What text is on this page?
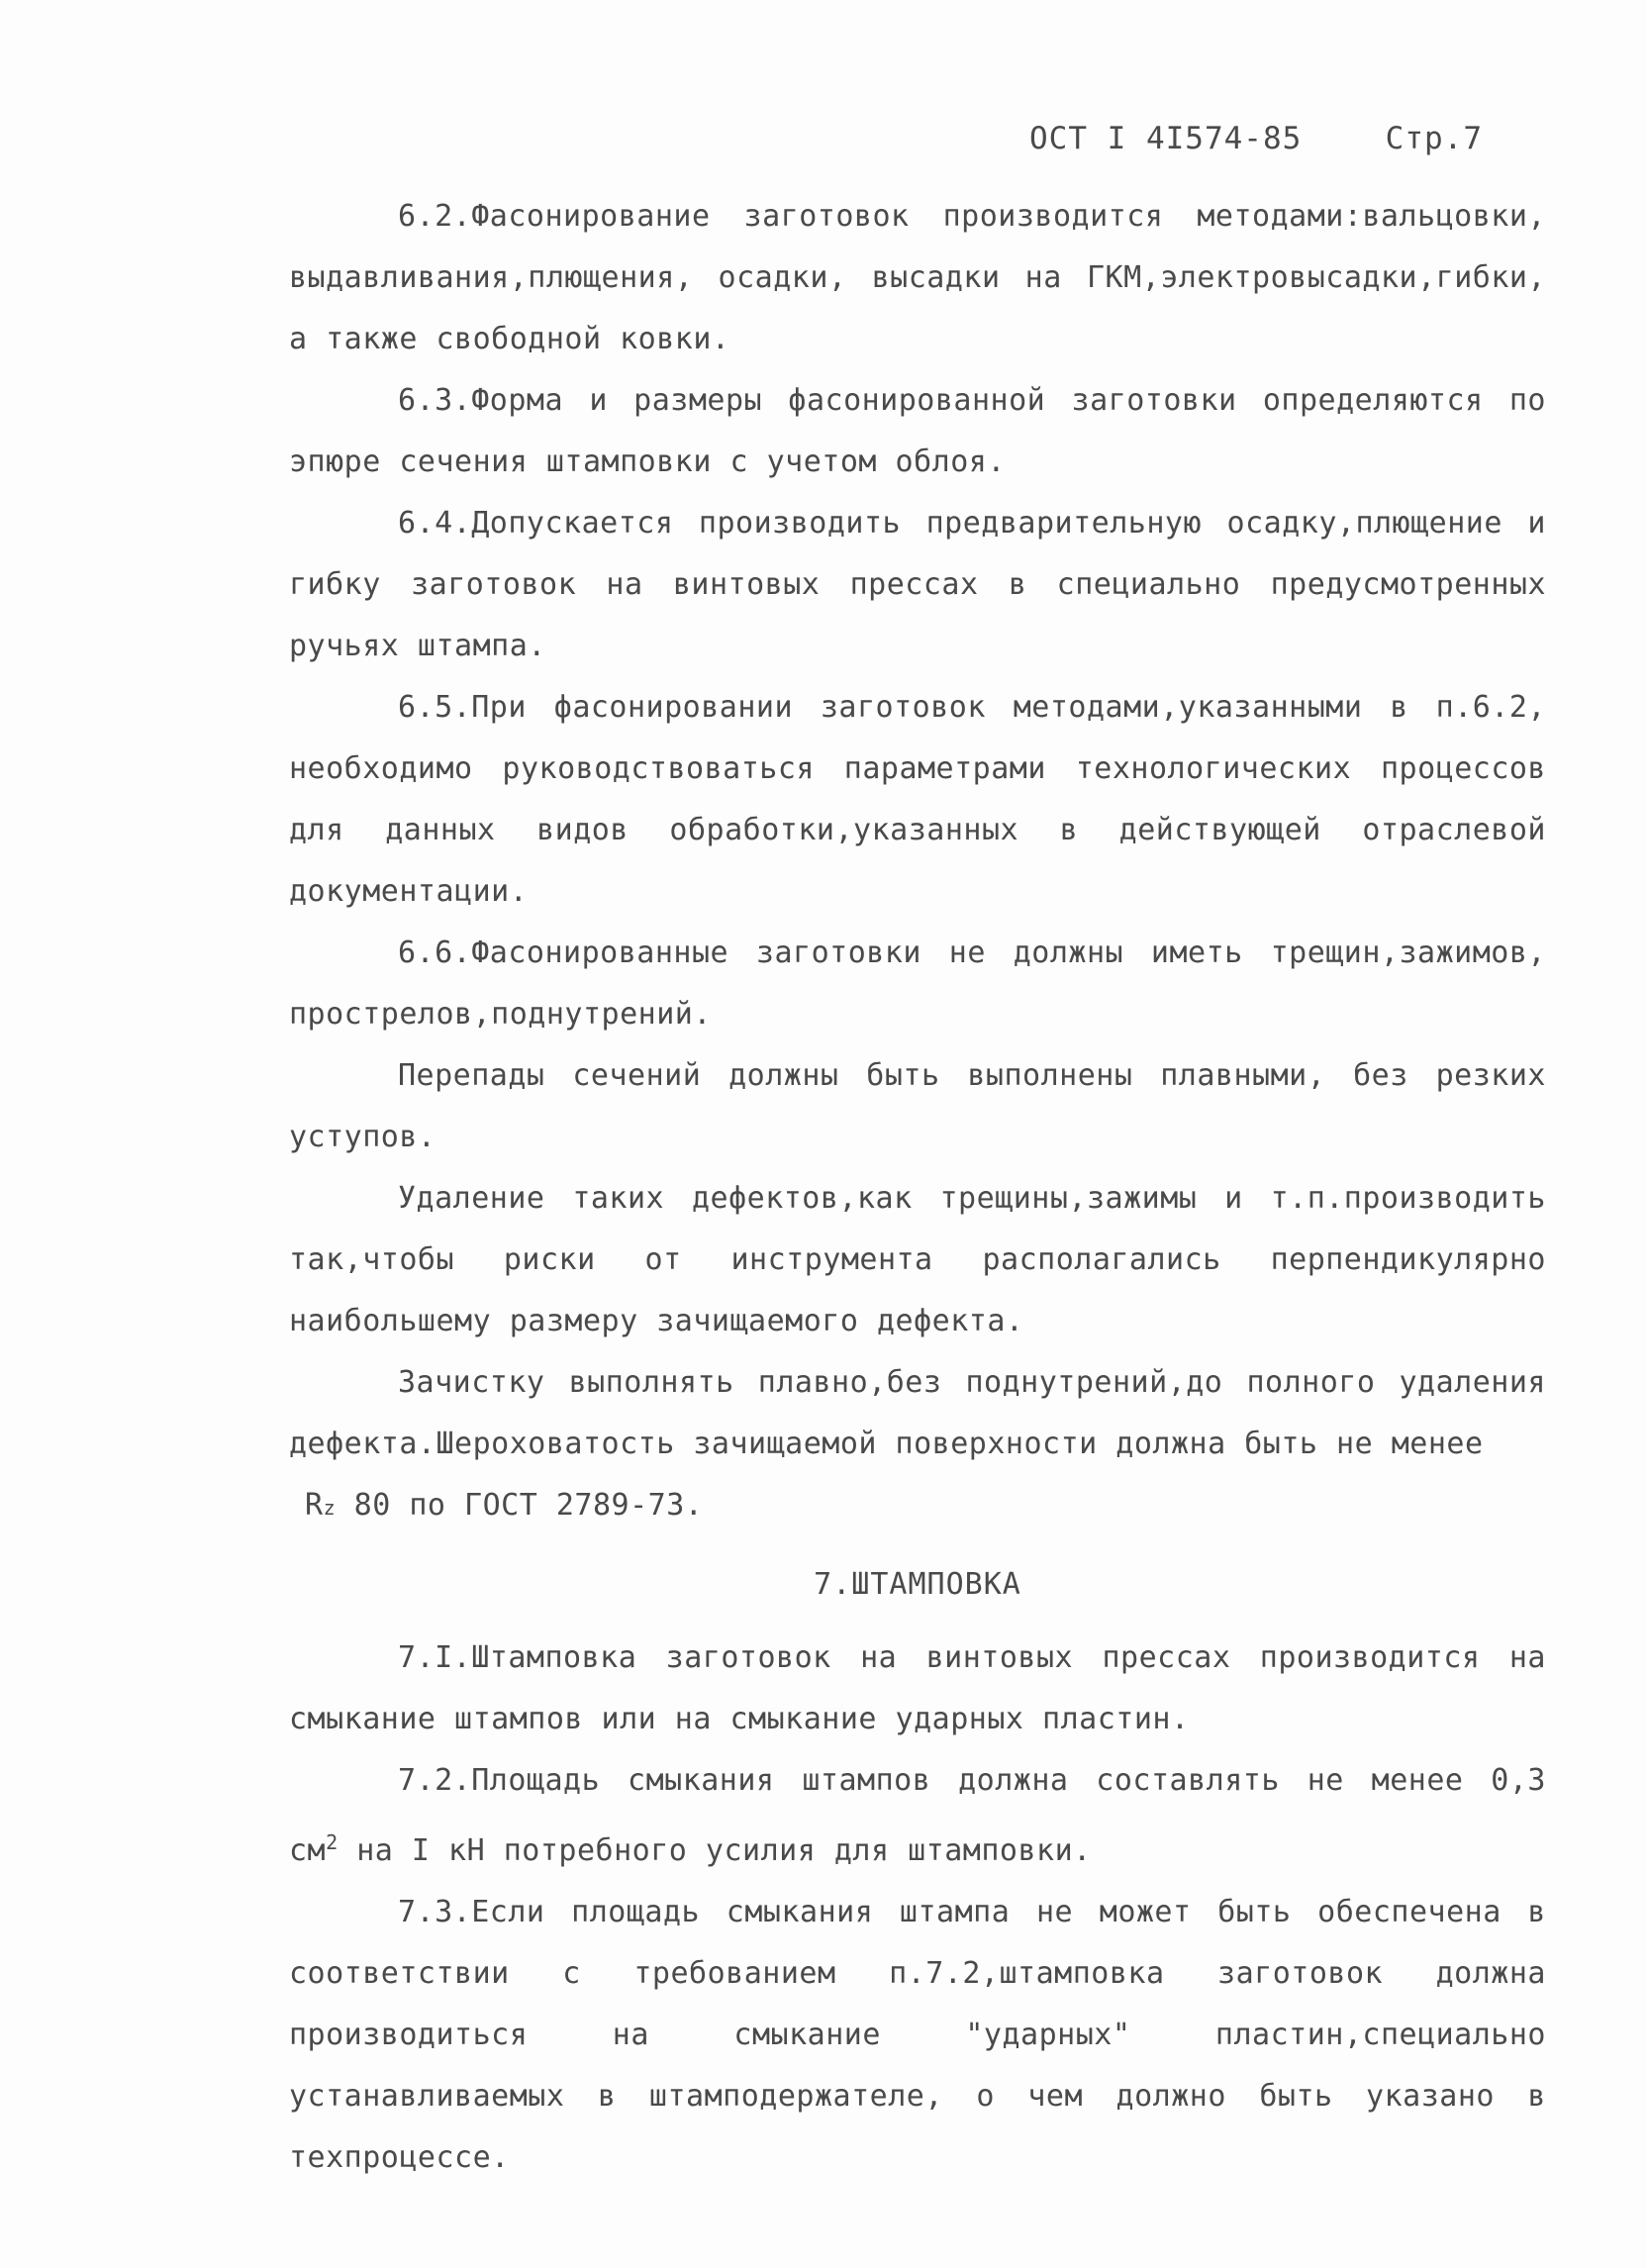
ОСТ I 4I574-85	Стр.7

6.2.Фасонирование заготовок производится методами:вальцовки, выдавливания,плющения, осадки, высадки на ГКМ,электровысадки,гибки, а также свободной ковки.

6.3.Форма и размеры фасонированной заготовки определяются по эпюре сечения штамповки с учетом облоя.

6.4.Допускается производить предварительную осадку,плющение и гибку заготовок на винтовых прессах в специально предусмотренных ручьях штампа.

6.5.При фасонировании заготовок методами,указанными в п.6.2, необходимо руководствоваться параметрами технологических процессов для данных видов обработки,указанных в действующей отраслевой документации.

6.6.Фасонированные заготовки не должны иметь трещин,зажимов, прострелов,поднутрений.

Перепады сечений должны быть выполнены плавными, без резких уступов.

Удаление таких дефектов,как трещины,зажимы и т.п.производить так,чтобы риски от инструмента располагались перпендикулярно наибольшему размеру зачищаемого дефекта.

Зачистку выполнять плавно,без поднутрений,до полного удаления дефекта.Шероховатость зачищаемой поверхности должна быть не менее

Rz 80 по ГОСТ 2789-73.

7.ШТАМПОВКА

7.I.Штамповка заготовок на винтовых прессах производится на смыкание штампов или на смыкание ударных пластин.

7.2.Площадь смыкания штампов должна составлять не менее 0,3 $см^2$ на I кН потребного усилия для штамповки.

7.3.Если площадь смыкания штампа не может быть обеспечена в соответствии с требованием п.7.2,штамповка заготовок должна производиться на смыкание "ударных" пластин,специально устанавливаемых в штамподержателе, о чем должно быть указано в техпроцессе.
